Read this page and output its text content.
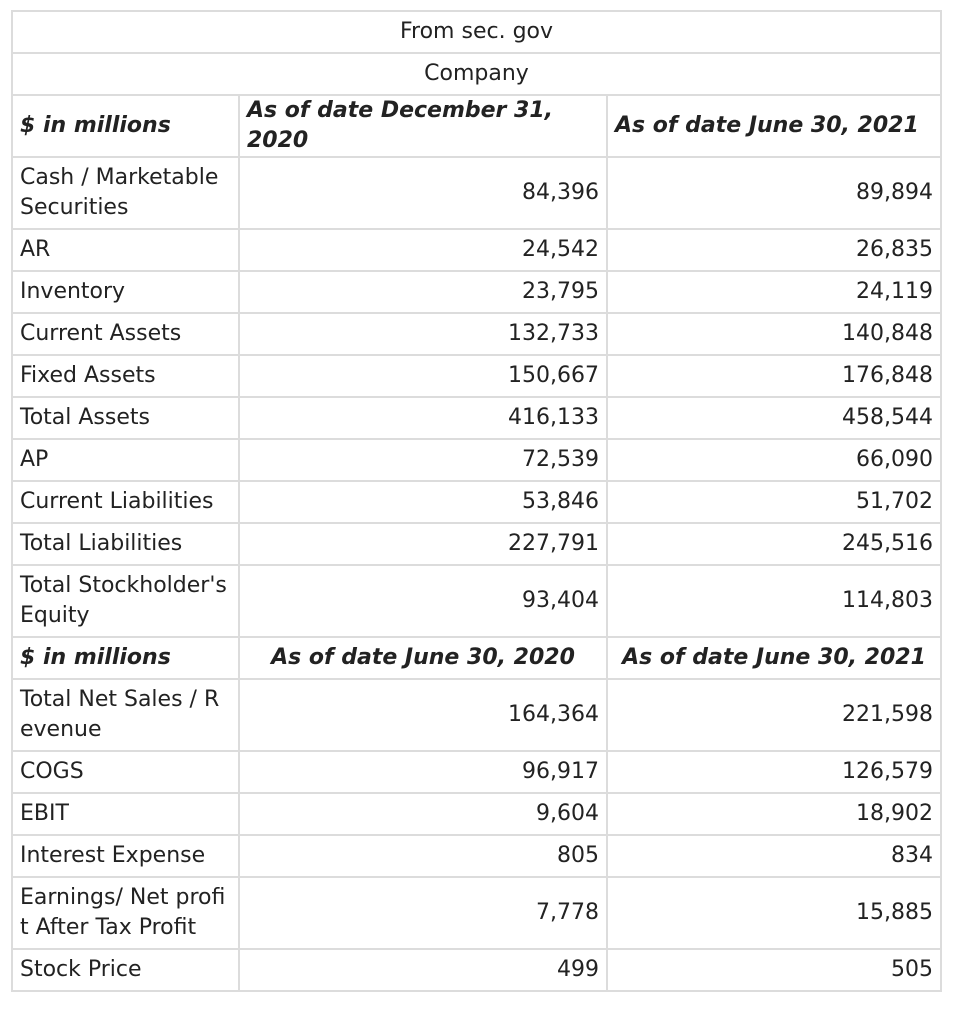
From sec. gov		
Company		
$ in millions	As of date December 31, 2020	As of date June 30, 2021
Cash / Marketable Securities	84,396	89,894
AR	24,542	26,835
Inventory	23,795	24,119
Current Assets	132,733	140,848
Fixed Assets	150,667	176,848
Total Assets	416,133	458,544
AP	72,539	66,090
Current Liabilities	53,846	51,702
Total Liabilities	227,791	245,516
Total Stockholder's Equity	93,404	114,803
$ in millions	As of date June 30, 2020	As of date June 30, 2021
Total Net Sales / R evenue	164,364	221,598
COGS	96,917	126,579
EBIT	9,604	18,902
Interest Expense	805	834
Earnings/ Net profi t After Tax Profit	7,778	15,885
Stock Price	499	505
